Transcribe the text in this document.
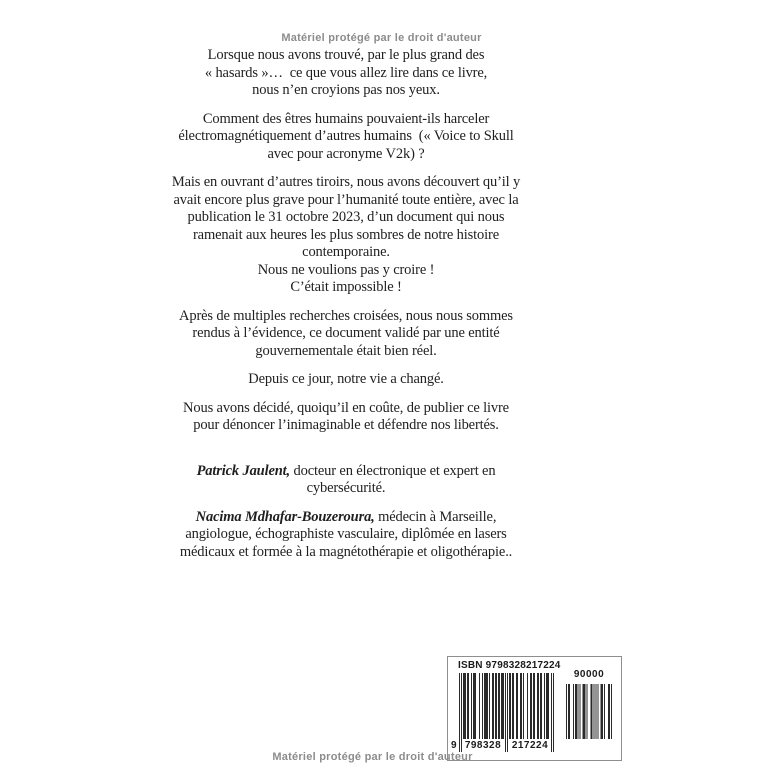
Matériel protégé par le droit d'auteur

Lorsque nous avons trouvé, par le plus grand des
« hasards »…  ce que vous allez lire dans ce livre,
nous n’en croyions pas nos yeux.

Comment des êtres humains pouvaient-ils harceler
électromagnétiquement d’autres humains  (« Voice to Skull
avec pour acronyme V2k) ?

Mais en ouvrant d’autres tiroirs, nous avons découvert qu’il y
avait encore plus grave pour l’humanité toute entière, avec la
publication le 31 octobre 2023, d’un document qui nous
ramenait aux heures les plus sombres de notre histoire
contemporaine.
Nous ne voulions pas y croire !
C’était impossible !

Après de multiples recherches croisées, nous nous sommes
rendus à l’évidence, ce document validé par une entité
gouvernementale était bien réel.

Depuis ce jour, notre vie a changé.

Nous avons décidé, quoiqu’il en coûte, de publier ce livre
pour dénoncer l’inimaginable et défendre nos libertés.

Patrick Jaulent, docteur en électronique et expert en
cybersécurité.

Nacima Mdhafar-Bouzeroura, médecin à Marseille,
angiologue, échographiste vasculaire, diplômée en lasers
médicaux et formée à la magnétothérapie et oligothérapie..

ISBN 9798328217224
9 798328 217224
90000
Matériel protégé par le droit d'auteur
